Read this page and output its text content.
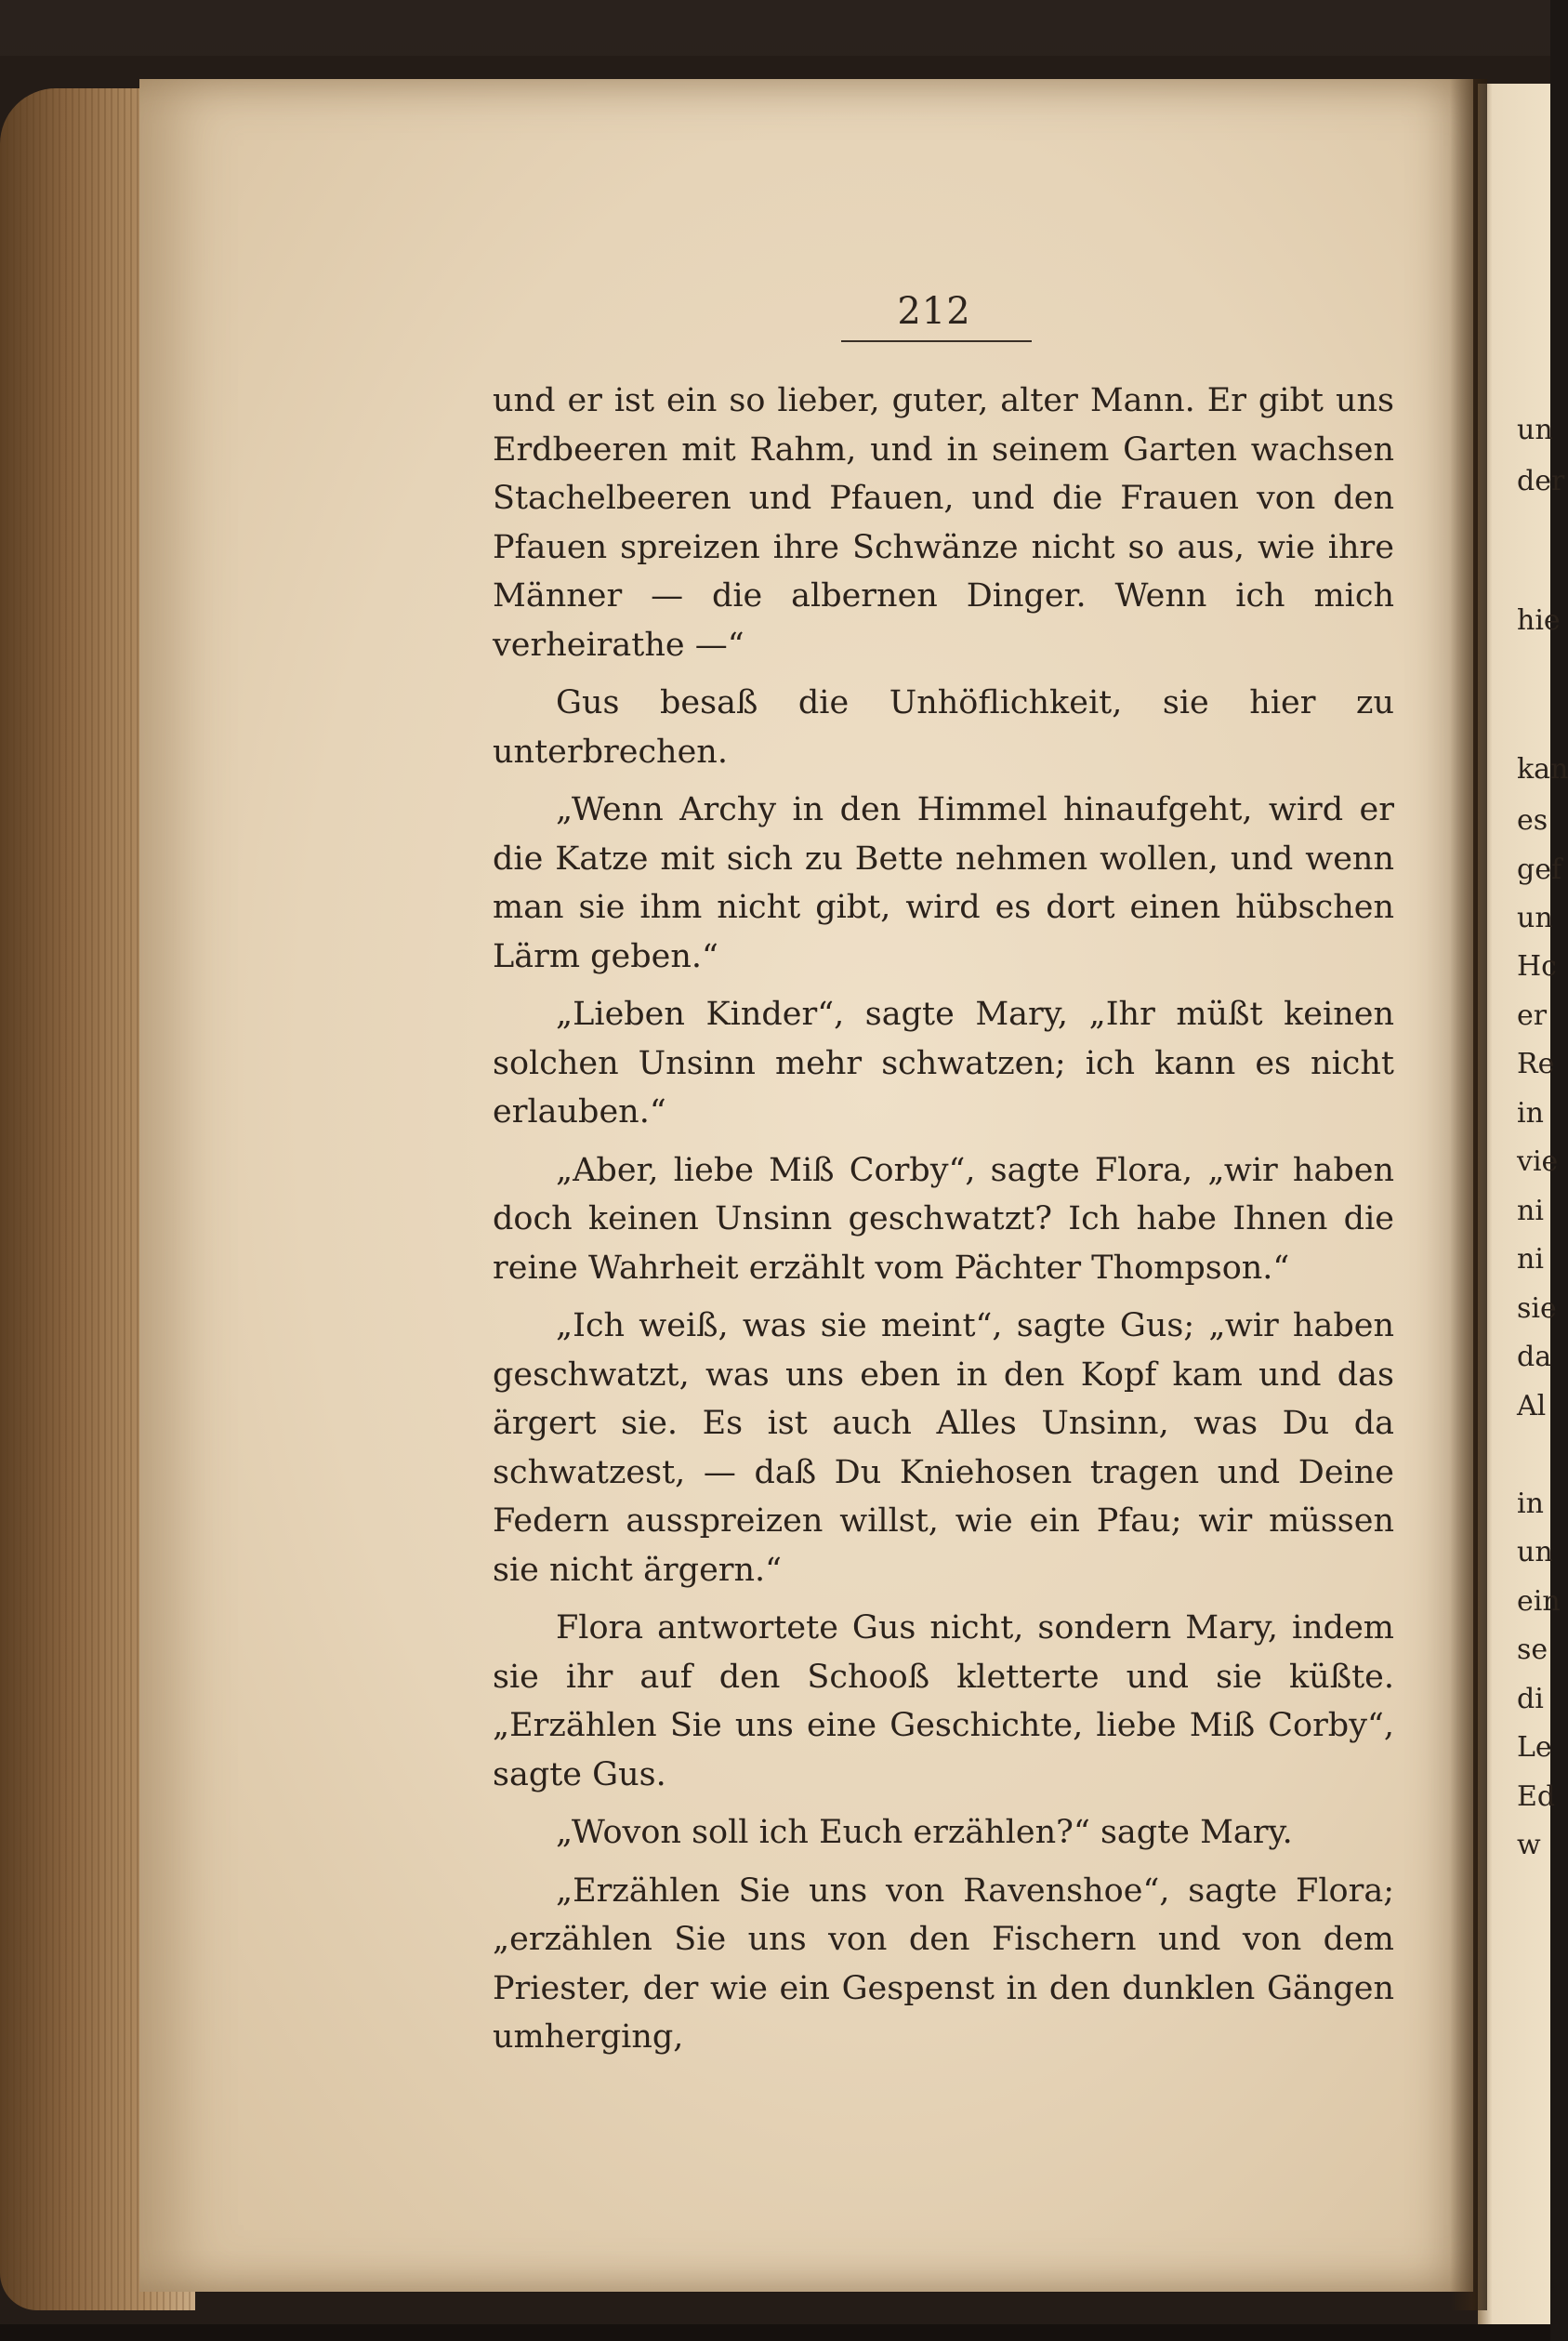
212

und er ist ein so lieber, guter, alter Mann. Er gibt uns Erdbeeren mit Rahm, und in seinem Garten wachsen Stachelbeeren und Pfauen, und die Frauen von den Pfauen spreizen ihre Schwänze nicht so aus, wie ihre Männer — die albernen Dinger. Wenn ich mich verheirathe —“

Gus besaß die Unhöflichkeit, sie hier zu unterbrechen.

„Wenn Archy in den Himmel hinaufgeht, wird er die Katze mit sich zu Bette nehmen wollen, und wenn man sie ihm nicht gibt, wird es dort einen hübschen Lärm geben.“

„Lieben Kinder“, sagte Mary, „Ihr müßt keinen solchen Unsinn mehr schwatzen; ich kann es nicht erlauben.“

„Aber, liebe Miß Corby“, sagte Flora, „wir haben doch keinen Unsinn geschwatzt? Ich habe Ihnen die reine Wahrheit erzählt vom Pächter Thompson.“

„Ich weiß, was sie meint“, sagte Gus; „wir haben geschwatzt, was uns eben in den Kopf kam und das ärgert sie. Es ist auch Alles Unsinn, was Du da schwatzest, — daß Du Kniehosen tragen und Deine Federn ausspreizen willst, wie ein Pfau; wir müssen sie nicht ärgern.“

Flora antwortete Gus nicht, sondern Mary, indem sie ihr auf den Schooß kletterte und sie küßte. „Erzählen Sie uns eine Geschichte, liebe Miß Corby“, sagte Gus.

„Wovon soll ich Euch erzählen?“ sagte Mary.

„Erzählen Sie uns von Ravenshoe“, sagte Flora; „erzählen Sie uns von den Fischern und von dem Priester, der wie ein Gespenst in den dunklen Gängen umherging,

un
der
hie
kan
es
gef
un
Hc
er
Re
in
vie
ni
ni
sie
da
Al
in
un
ein
se
di
Le
Ed
w
